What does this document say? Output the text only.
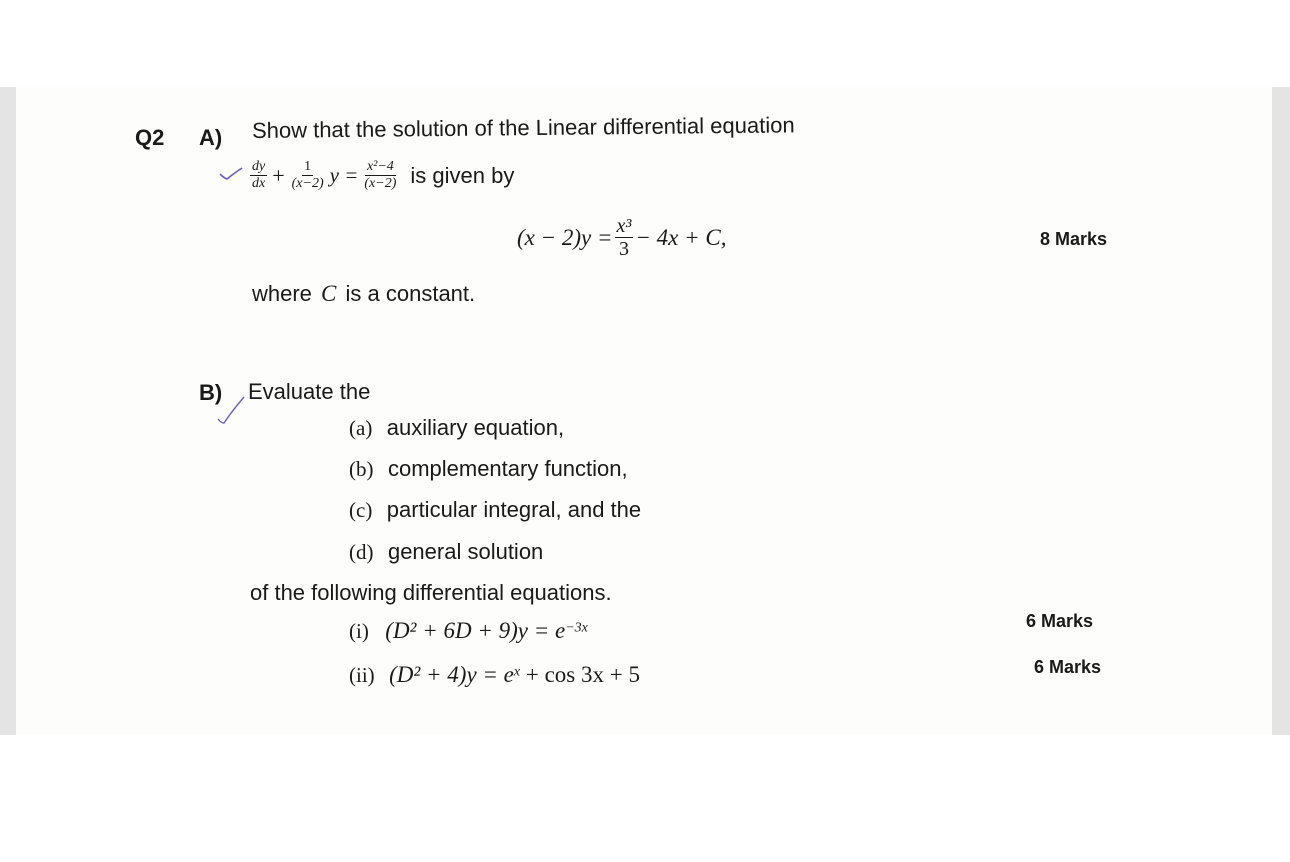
Q2 A) Show that the solution of the Linear differential equation
$\frac{dy}{dx} + \frac{1}{(x-2)}$ $y = \frac{\text{x²−4}}{(x-2)}$ is given by
$(x - 2)y = \frac{\text{x³}}{3} - 4x + C$,	8 Marks
where C is a constant.
B) Evaluate the
(a) auxiliary equation,
(b) complementary function,
(c) particular integral, and the
(d) general solution
of the following differential equations.
(i) $(D^2 + 6D + 9)y = e^{-3x}$	6 Marks
(ii) $(D^2 + 4)y = e^x + \cos 3x + 5$	6 Marks
